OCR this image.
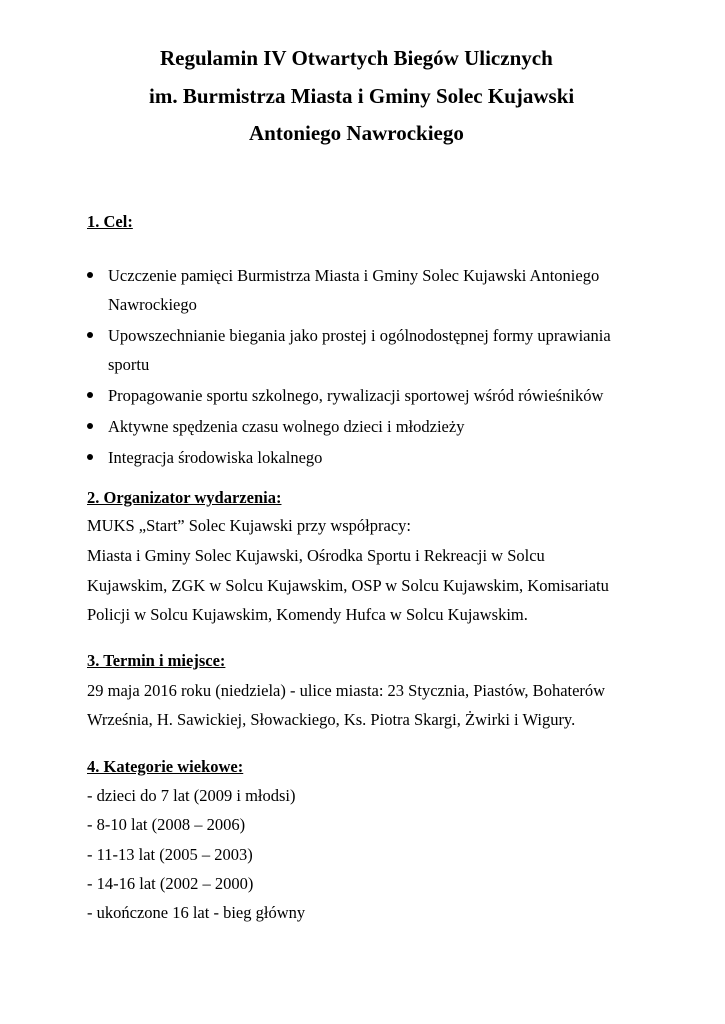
Regulamin IV Otwartych Biegów Ulicznych
im. Burmistrza Miasta i Gminy Solec Kujawski
Antoniego Nawrockiego
1. Cel:
Uczczenie pamięci Burmistrza Miasta i Gminy Solec Kujawski Antoniego Nawrockiego
Upowszechnianie biegania jako prostej i ogólnodostępnej formy uprawiania sportu
Propagowanie sportu szkolnego, rywalizacji sportowej wśród rówieśników
Aktywne spędzenia czasu wolnego dzieci i młodzieży
Integracja środowiska lokalnego
2. Organizator wydarzenia:
MUKS „Start” Solec Kujawski przy współpracy:
Miasta i Gminy Solec Kujawski, Ośrodka Sportu i Rekreacji w Solcu
Kujawskim, ZGK w Solcu Kujawskim, OSP w Solcu Kujawskim, Komisariatu
Policji w Solcu Kujawskim, Komendy Hufca w Solcu Kujawskim.
3. Termin i miejsce:
29 maja 2016 roku (niedziela) - ulice miasta: 23 Stycznia, Piastów, Bohaterów
Września, H. Sawickiej, Słowackiego, Ks. Piotra Skargi, Żwirki i Wigury.
4. Kategorie wiekowe:
- dzieci do 7 lat (2009 i młodsi)
- 8-10 lat (2008 – 2006)
- 11-13 lat (2005 – 2003)
- 14-16 lat (2002 – 2000)
- ukończone 16 lat - bieg główny
